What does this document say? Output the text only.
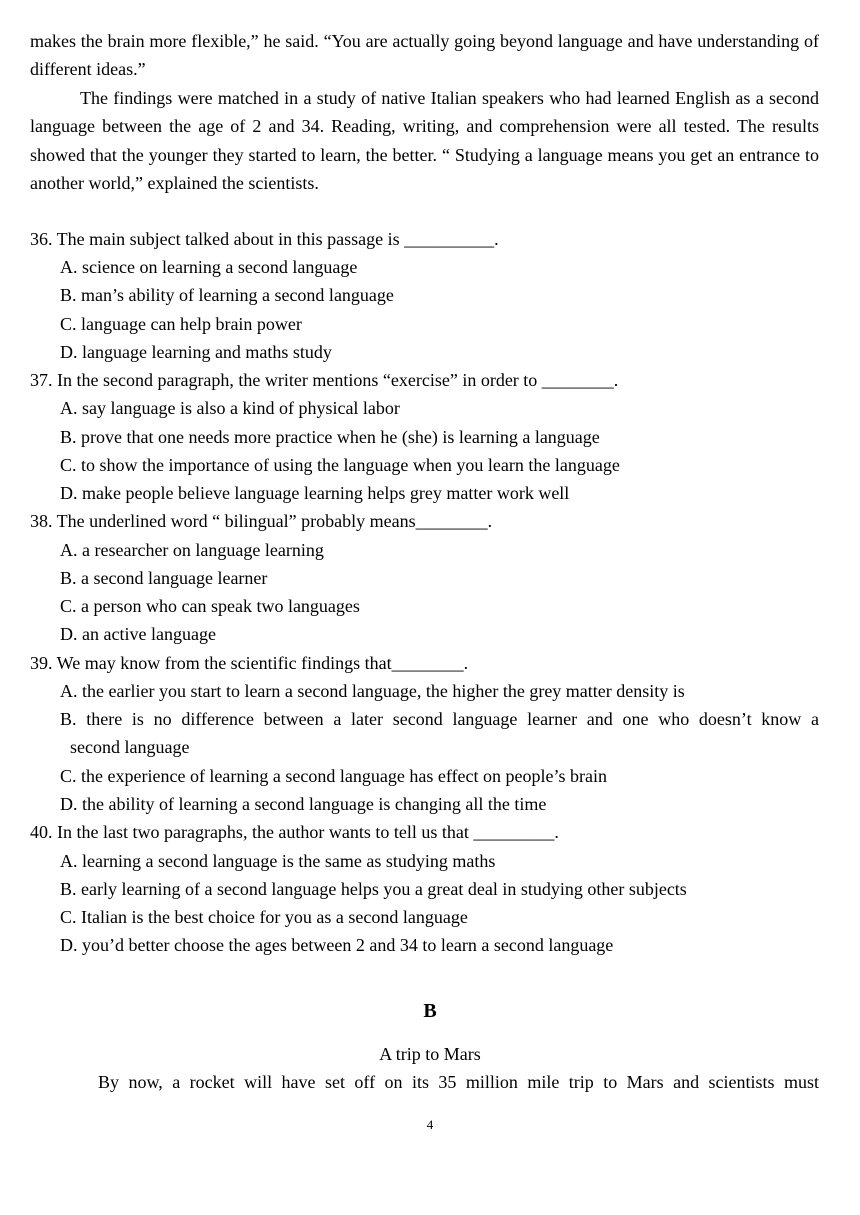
makes the brain more flexible,” he said. “You are actually going beyond language and have understanding of different ideas.”

The findings were matched in a study of native Italian speakers who had learned English as a second language between the age of 2 and 34. Reading, writing, and comprehension were all tested. The results showed that the younger they started to learn, the better. “ Studying a language means you get an entrance to another world,” explained the scientists.

36. The main subject talked about in this passage is __________.

A. science on learning a second language

B. man’s ability of learning a second language

C. language can help brain power

D. language learning and maths study

37. In the second paragraph, the writer mentions “exercise” in order to ________.

A. say language is also a kind of physical labor

B. prove that one needs more practice when he (she) is learning a language

C. to show the importance of using the language when you learn the language

D. make people believe language learning helps grey matter work well

38. The underlined word “ bilingual” probably means________.

A. a researcher on language learning

B. a second language learner

C. a person who can speak two languages

D. an active language

39. We may know from the scientific findings that________.

A. the earlier you start to learn a second language, the higher the grey matter density is

B. there is no difference between a later second language learner and one who doesn’t know a

second language

C. the experience of learning a second language has effect on people’s brain

D. the ability of learning a second language is changing all the time

40. In the last two paragraphs, the author wants to tell us that _________.

A. learning a second language is the same as studying maths

B. early learning of a second language helps you a great deal in studying other subjects

C. Italian is the best choice for you as a second language

D. you’d better choose the ages between 2 and 34 to learn a second language

B

A trip to Mars

By now, a rocket will have set off on its 35 million mile trip to Mars and scientists must

4
